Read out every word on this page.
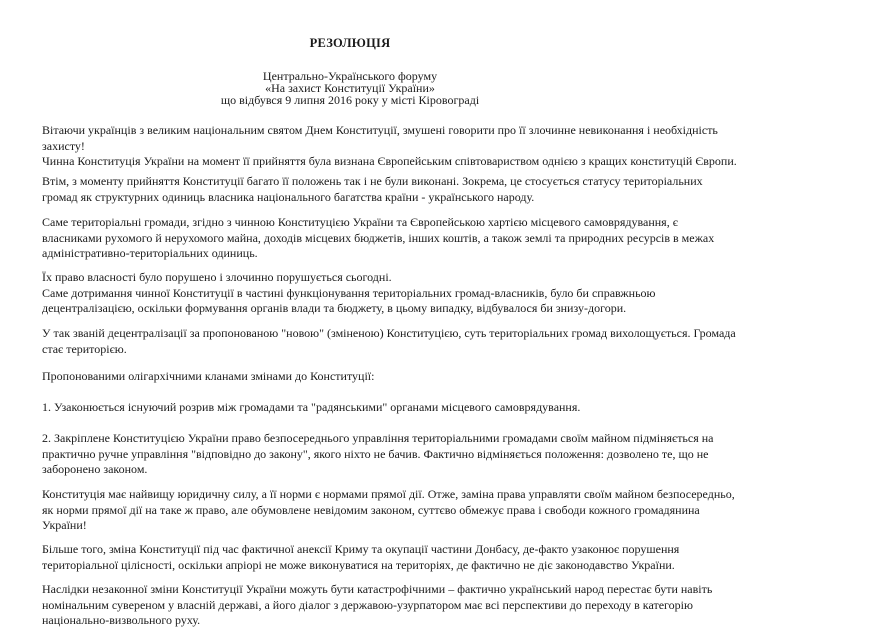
РЕЗОЛЮЦІЯ
Центрально-Українського форуму
«На захист Конституції України»
що відбувся 9 липня 2016 року у місті Кіровограді

Вітаючи українців з великим національним святом Днем Конституції, змушені говорити про її злочинне невиконання і необхідність
захисту!
Чинна Конституція України на момент її прийняття була визнана Європейським співтовариством однією з кращих конституцій Європи.

Втім, з моменту прийняття Конституції багато її положень так і не були виконані. Зокрема, це стосується статусу територіальних
громад як структурних одиниць власника національного багатства країни - українського народу.

Саме територіальні громади, згідно з чинною Конституцією України та Європейською хартією місцевого самоврядування, є
власниками рухомого й нерухомого майна, доходів місцевих бюджетів, інших коштів, а також землі та природних ресурсів в межах
адміністративно-територіальних одиниць.

Їх право власності було порушено і злочинно порушується сьогодні.
Саме дотримання чинної Конституції в частині функціонування територіальних громад-власників, було би справжньою
децентралізацією, оскільки формування органів влади та бюджету, в цьому випадку, відбувалося би знизу-догори.

У так званій децентралізації за пропонованою "новою" (зміненою) Конституцією, суть територіальних громад вихолощується. Громада
стає територією.

Пропонованими олігархічними кланами змінами до Конституції:

1. Узаконюється існуючий розрив між громадами та "радянськими" органами місцевого самоврядування.

2. Закріплене Конституцією України право безпосереднього управління територіальними громадами своїм майном підміняється на
практично ручне управління "відповідно до закону", якого ніхто не бачив. Фактично відміняється положення: дозволено те, що не
заборонено законом.

Конституція має найвищу юридичну силу, а її норми є нормами прямої дії. Отже, заміна права управляти своїм майном безпосередньо,
як норми прямої дії на таке ж право, але обумовлене невідомим законом, суттєво обмежує права і свободи кожного громадянина
України!

Більше того, зміна Конституції під час фактичної анексії Криму та окупації частини Донбасу, де-факто узаконює порушення
територіальної цілісності, оскільки апріорі не може виконуватися на територіях, де фактично не діє законодавство України.

Наслідки незаконної зміни Конституції України можуть бути катастрофічними – фактично український народ перестає бути навіть
номінальним сувереном у власній державі, а його діалог з державою-узурпатором має всі перспективи до переходу в категорію
національно-визвольного руху.
